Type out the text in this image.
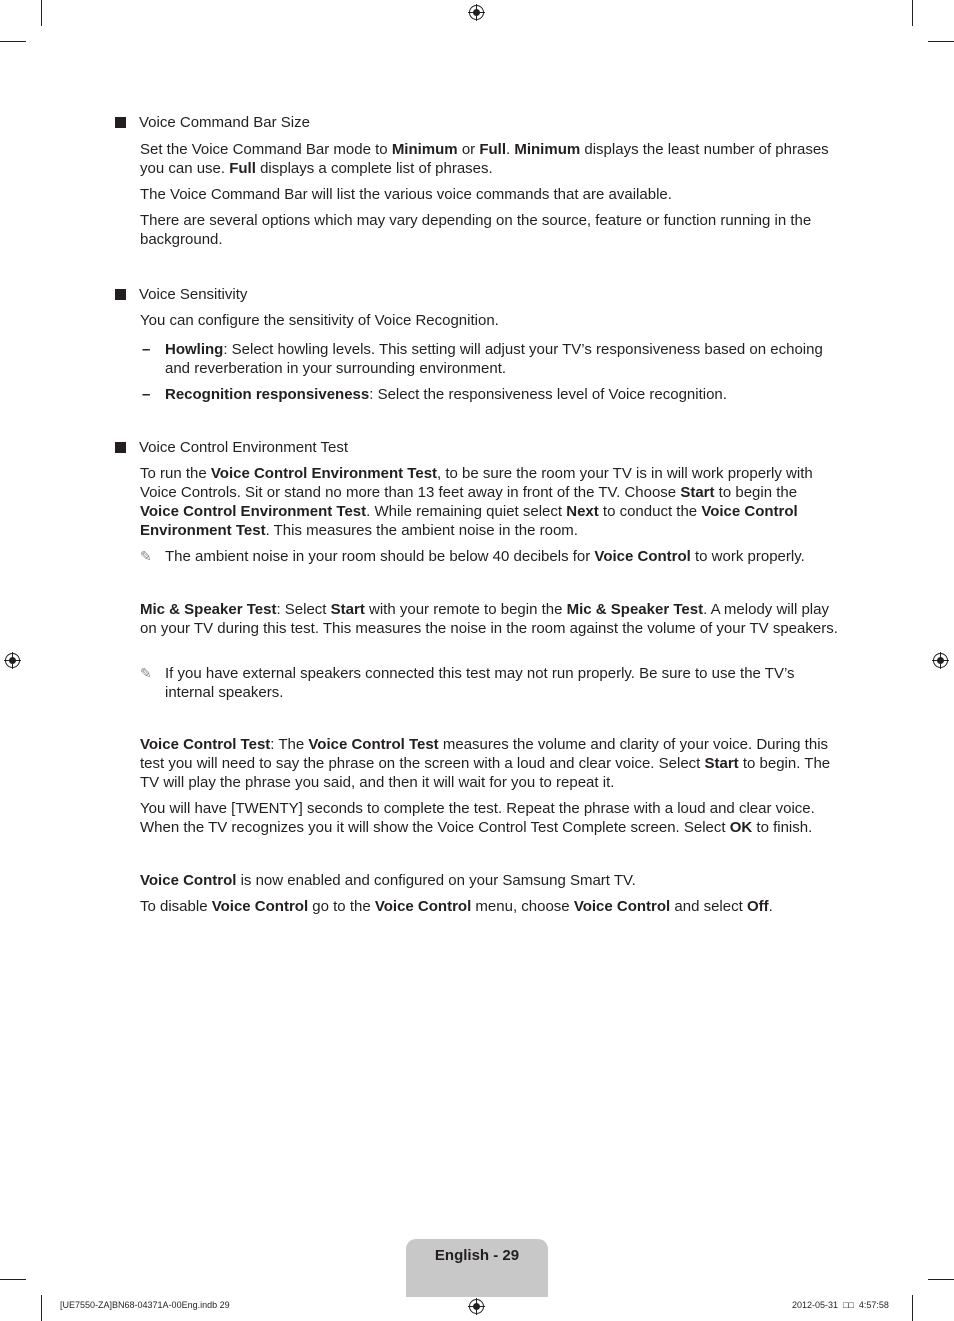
Voice Command Bar Size

Set the Voice Command Bar mode to Minimum or Full. Minimum displays the least number of phrases you can use. Full displays a complete list of phrases.

The Voice Command Bar will list the various voice commands that are available.

There are several options which may vary depending on the source, feature or function running in the background.

Voice Sensitivity

You can configure the sensitivity of Voice Recognition.

– Howling: Select howling levels. This setting will adjust your TV’s responsiveness based on echoing and reverberation in your surrounding environment.
– Recognition responsiveness: Select the responsiveness level of Voice recognition.
Voice Control Environment Test

To run the Voice Control Environment Test, to be sure the room your TV is in will work properly with Voice Controls. Sit or stand no more than 13 feet away in front of the TV. Choose Start to begin the Voice Control Environment Test. While remaining quiet select Next to conduct the Voice Control Environment Test. This measures the ambient noise in the room.

✎ The ambient noise in your room should be below 40 decibels for Voice Control to work properly.

Mic & Speaker Test: Select Start with your remote to begin the Mic & Speaker Test. A melody will play on your TV during this test. This measures the noise in the room against the volume of your TV speakers.

✎ If you have external speakers connected this test may not run properly. Be sure to use the TV’s internal speakers.

Voice Control Test: The Voice Control Test measures the volume and clarity of your voice. During this test you will need to say the phrase on the screen with a loud and clear voice. Select Start to begin. The TV will play the phrase you said, and then it will wait for you to repeat it.

You will have [TWENTY] seconds to complete the test. Repeat the phrase with a loud and clear voice. When the TV recognizes you it will show the Voice Control Test Complete screen. Select OK to finish.

Voice Control is now enabled and configured on your Samsung Smart TV.

To disable Voice Control go to the Voice Control menu, choose Voice Control and select Off.

English - 29
[UE7550-ZA]BN68-04371A-00Eng.indb 29	2012-05-31  □□  4:57:58
